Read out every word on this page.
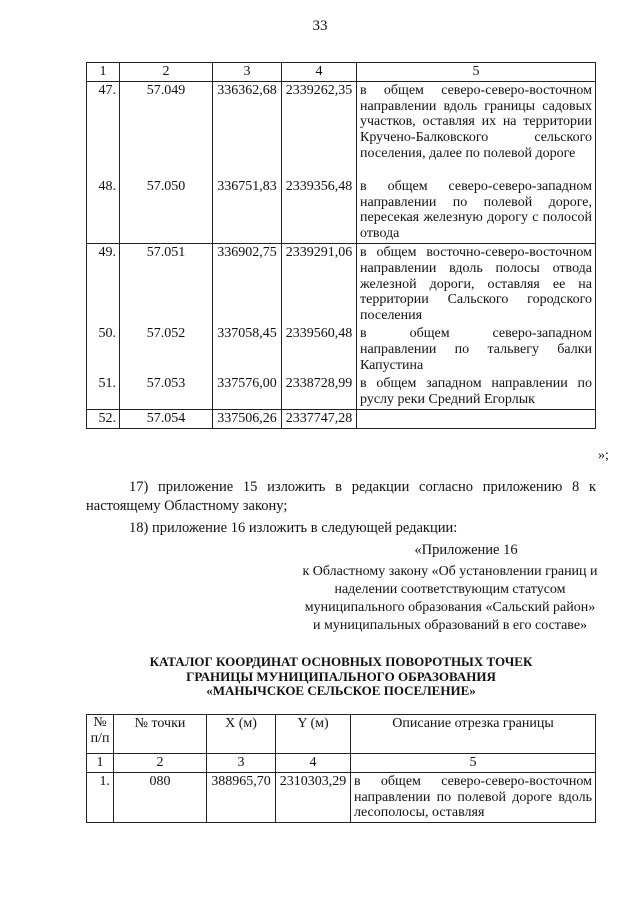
33
1	2	3	4	5
47.	57.049	336362,68	2339262,35	в общем северо-северо-восточном направлении вдоль границы садовых участков, оставляя их на территории Кручено-Балковского сельского поселения, далее по полевой дороге
48.	57.050	336751,83	2339356,48	в общем северо-северо-западном направлении по полевой дороге, пересекая железную дорогу с полосой отвода
49.	57.051	336902,75	2339291,06	в общем восточно-северо-восточном направлении вдоль полосы отвода железной дороги, оставляя ее на территории Сальского городского поселения
50.	57.052	337058,45	2339560,48	в общем северо-западном направлении по тальвегу балки Капустина
51.	57.053	337576,00	2338728,99	в общем западном направлении по руслу реки Средний Егорлык
52.	57.054	337506,26	2337747,28	
»;
17) приложение 15 изложить в редакции согласно приложению 8 к настоящему Областному закону;
18) приложение 16 изложить в следующей редакции:
«Приложение 16
к Областному закону «Об установлении границ и наделении соответствующим статусом муниципального образования «Сальский район» и муниципальных образований в его составе»
КАТАЛОГ КООРДИНАТ ОСНОВНЫХ ПОВОРОТНЫХ ТОЧЕК
ГРАНИЦЫ МУНИЦИПАЛЬНОГО ОБРАЗОВАНИЯ
«МАНЫЧСКОЕ СЕЛЬСКОЕ ПОСЕЛЕНИЕ»
№ п/п	№ точки	X (м)	Y (м)	Описание отрезка границы
1	2	3	4	5
1.	080	388965,70	2310303,29	в общем северо-северо-восточном направлении по полевой дороге вдоль лесополосы, оставляя
